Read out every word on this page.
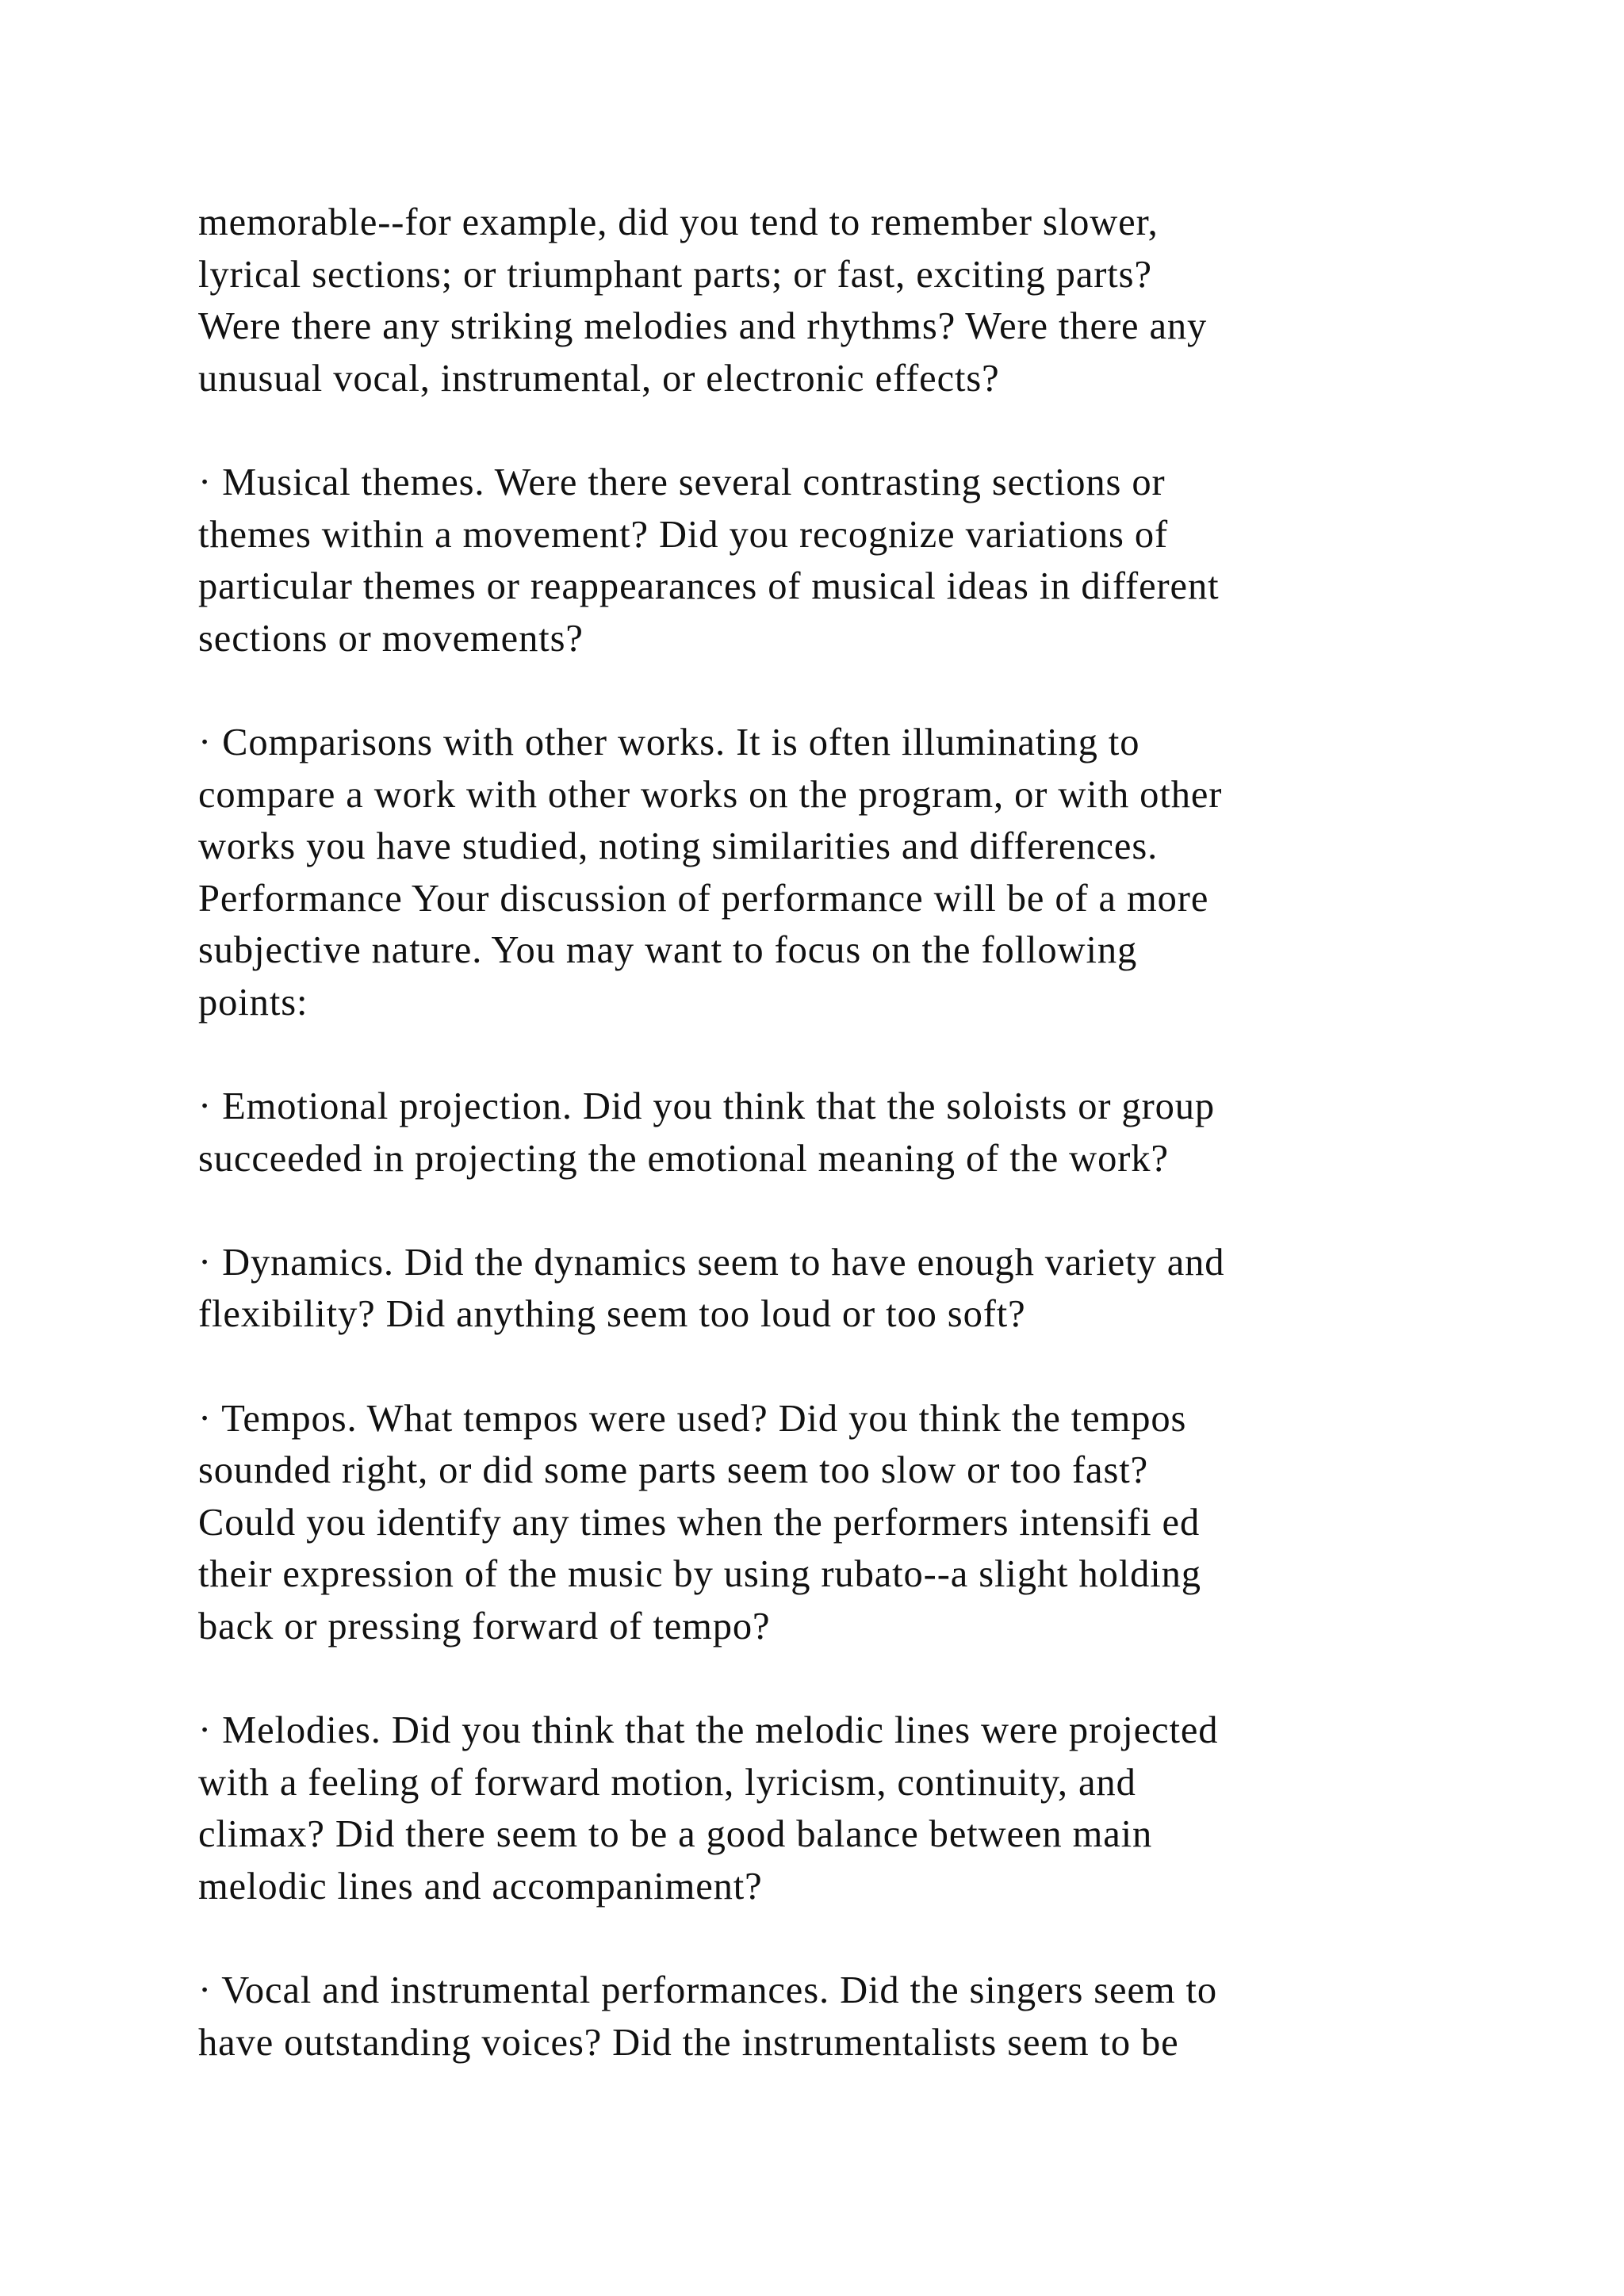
memorable--for example, did you tend to remember slower,
lyrical sections; or triumphant parts; or fast, exciting parts?
Were there any striking melodies and rhythms? Were there any
unusual vocal, instrumental, or electronic effects?
· Musical themes. Were there several contrasting sections or
themes within a movement? Did you recognize variations of
particular themes or reappearances of musical ideas in different
sections or movements?
· Comparisons with other works. It is often illuminating to
compare a work with other works on the program, or with other
works you have studied, noting similarities and differences.
Performance Your discussion of performance will be of a more
subjective nature. You may want to focus on the following
points:
· Emotional projection. Did you think that the soloists or group
succeeded in projecting the emotional meaning of the work?
· Dynamics. Did the dynamics seem to have enough variety and
flexibility? Did anything seem too loud or too soft?
· Tempos. What tempos were used? Did you think the tempos
sounded right, or did some parts seem too slow or too fast?
Could you identify any times when the performers intensifi ed
their expression of the music by using rubato--a slight holding
back or pressing forward of tempo?
· Melodies. Did you think that the melodic lines were projected
with a feeling of forward motion, lyricism, continuity, and
climax? Did there seem to be a good balance between main
melodic lines and accompaniment?
· Vocal and instrumental performances. Did the singers seem to
have outstanding voices? Did the instrumentalists seem to be
